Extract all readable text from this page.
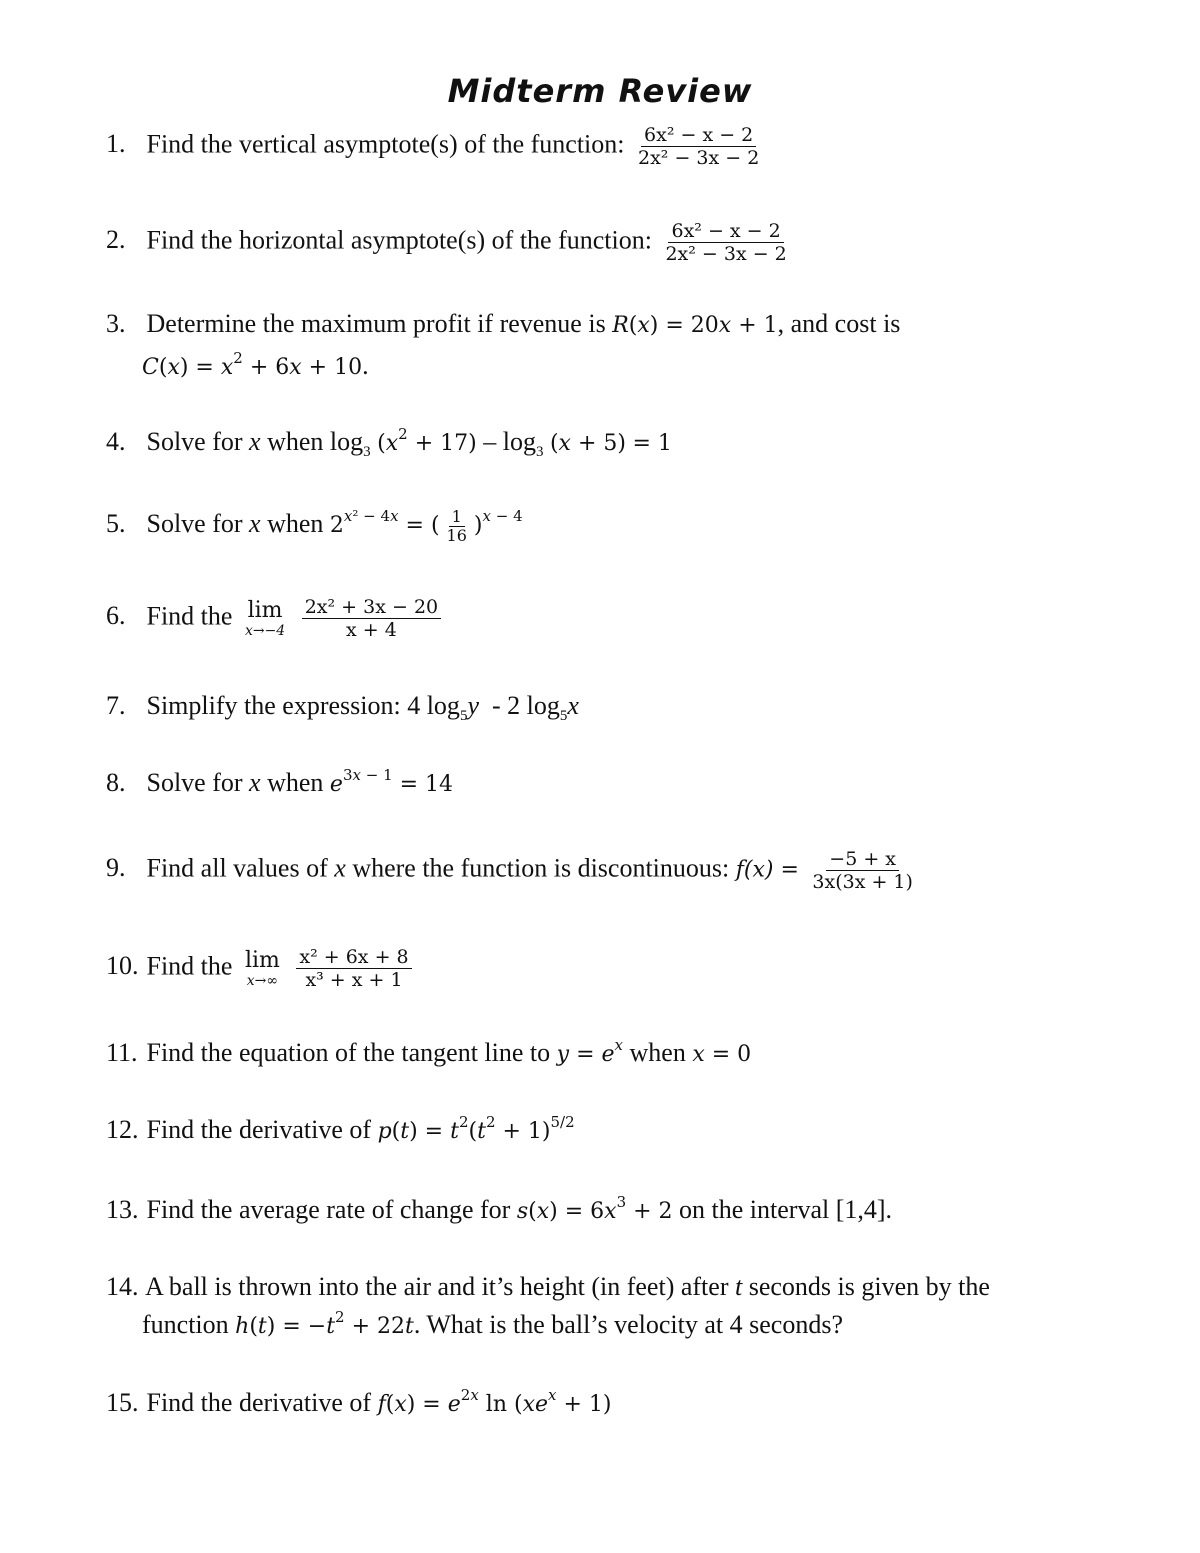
Midterm Review
1. Find the vertical asymptote(s) of the function: $\frac{\text{6x² − x − 2}}{\text{2x² − 3x − 2}}$
2. Find the horizontal asymptote(s) of the function: $\frac{\text{6x² − x − 2}}{\text{2x² − 3x − 2}}$
3. Determine the maximum profit if revenue is R(x) = 20x + 1, and cost is
$C(x) = x^2 + 6x + 10$.
4. Solve for x when $\log_3 (x^2 + 17) - \log_3 (x + 5) = 1$
5. Solve for x when $2^{x^2 - 4x}$ = ( $\frac{1}{16} )^{x - 4}$
6. Find the lim
x→−4
$\frac{\text{2x² + 3x − 20}}{x + 4}$
7. Simplify the expression: 4 $\log_5y - 2$ $\log_5x$
8. Solve for x when $e^{3x - 1} = 14$
9. Find all values of x where the function is discontinuous: $f(x) = \frac{-5 + x}{3x(3x + 1)}$
10. Find the lim
x→∞
$\frac{\text{x² + 6x + 8}}{\text{x³ + x + 1}}$
11. Find the equation of the tangent line to $y = e^x$ when x = 0
12. Find the derivative of $p(t) = t^2(t^2 + 1)^{5/2}$
13. Find the average rate of change for $s(x) = 6x^3 + 2$ on the interval [1,4].
14. A ball is thrown into the air and it’s height (in feet) after t seconds is given by the
function $h(t) = -t^2 + 22t$. What is the ball’s velocity at 4 seconds?
15. Find the derivative of $f(x) = e^{2x}$ $\ln (xe^x + 1)$
